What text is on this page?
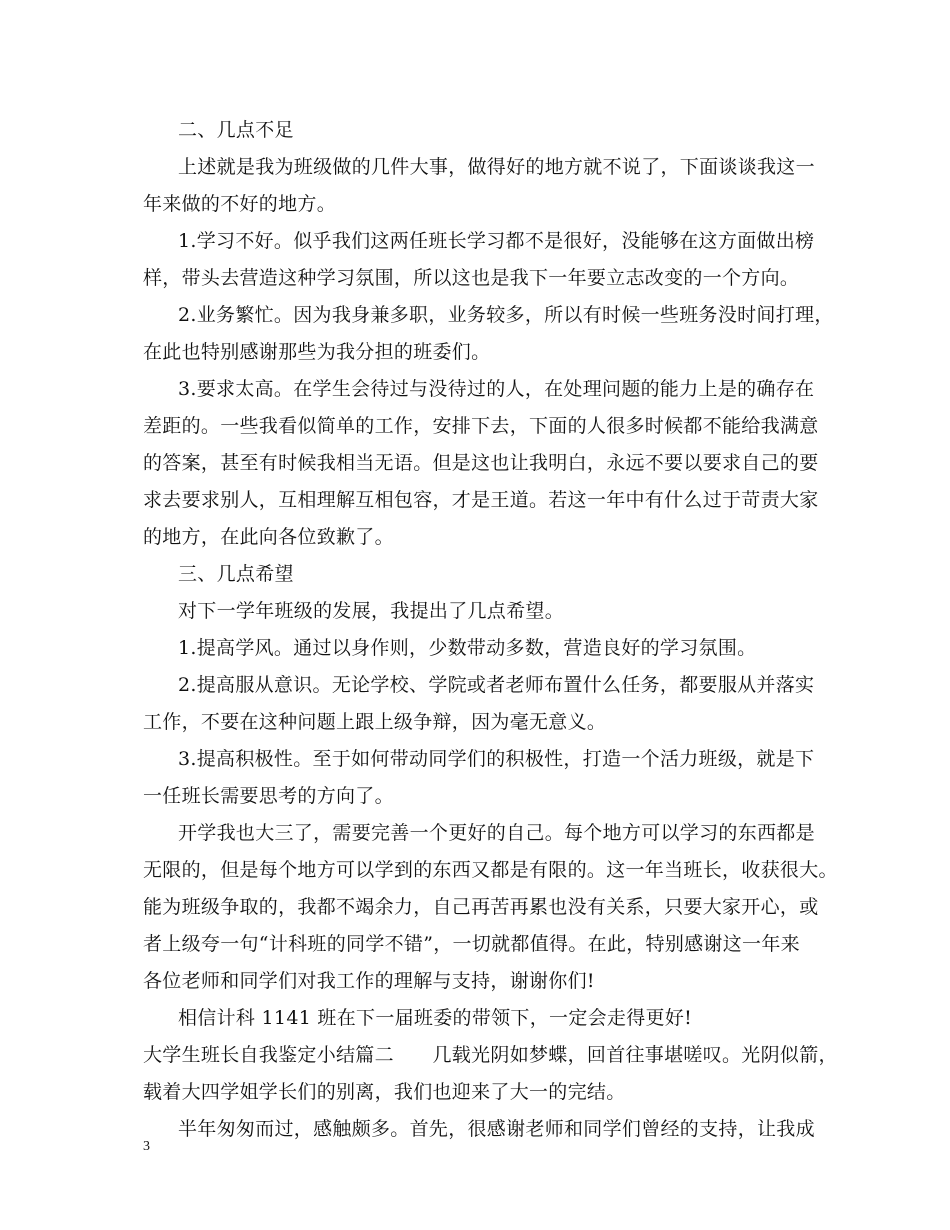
二、几点不足
上述就是我为班级做的几件大事，做得好的地方就不说了，下面谈谈我这一
年来做的不好的地方。
1.学习不好。似乎我们这两任班长学习都不是很好，没能够在这方面做出榜
样，带头去营造这种学习氛围，所以这也是我下一年要立志改变的一个方向。
2.业务繁忙。因为我身兼多职，业务较多，所以有时候一些班务没时间打理，
在此也特别感谢那些为我分担的班委们。
3.要求太高。在学生会待过与没待过的人，在处理问题的能力上是的确存在
差距的。一些我看似简单的工作，安排下去，下面的人很多时候都不能给我满意
的答案，甚至有时候我相当无语。但是这也让我明白，永远不要以要求自己的要
求去要求别人，互相理解互相包容，才是王道。若这一年中有什么过于苛责大家
的地方，在此向各位致歉了。
三、几点希望
对下一学年班级的发展，我提出了几点希望。
1.提高学风。通过以身作则，少数带动多数，营造良好的学习氛围。
2.提高服从意识。无论学校、学院或者老师布置什么任务，都要服从并落实
工作，不要在这种问题上跟上级争辩，因为毫无意义。
3.提高积极性。至于如何带动同学们的积极性，打造一个活力班级，就是下
一任班长需要思考的方向了。
开学我也大三了，需要完善一个更好的自己。每个地方可以学习的东西都是
无限的，但是每个地方可以学到的东西又都是有限的。这一年当班长，收获很大。
能为班级争取的，我都不竭余力，自己再苦再累也没有关系，只要大家开心，或
者上级夸一句“计科班的同学不错”，一切就都值得。在此，特别感谢这一年来
各位老师和同学们对我工作的理解与支持，谢谢你们!
相信计科 1141 班在下一届班委的带领下，一定会走得更好!
大学生班长自我鉴定小结篇二　　几载光阴如梦蝶，回首往事堪嗟叹。光阴似箭，
载着大四学姐学长们的别离，我们也迎来了大一的完结。
半年匆匆而过，感触颇多。首先，很感谢老师和同学们曾经的支持，让我成
3
